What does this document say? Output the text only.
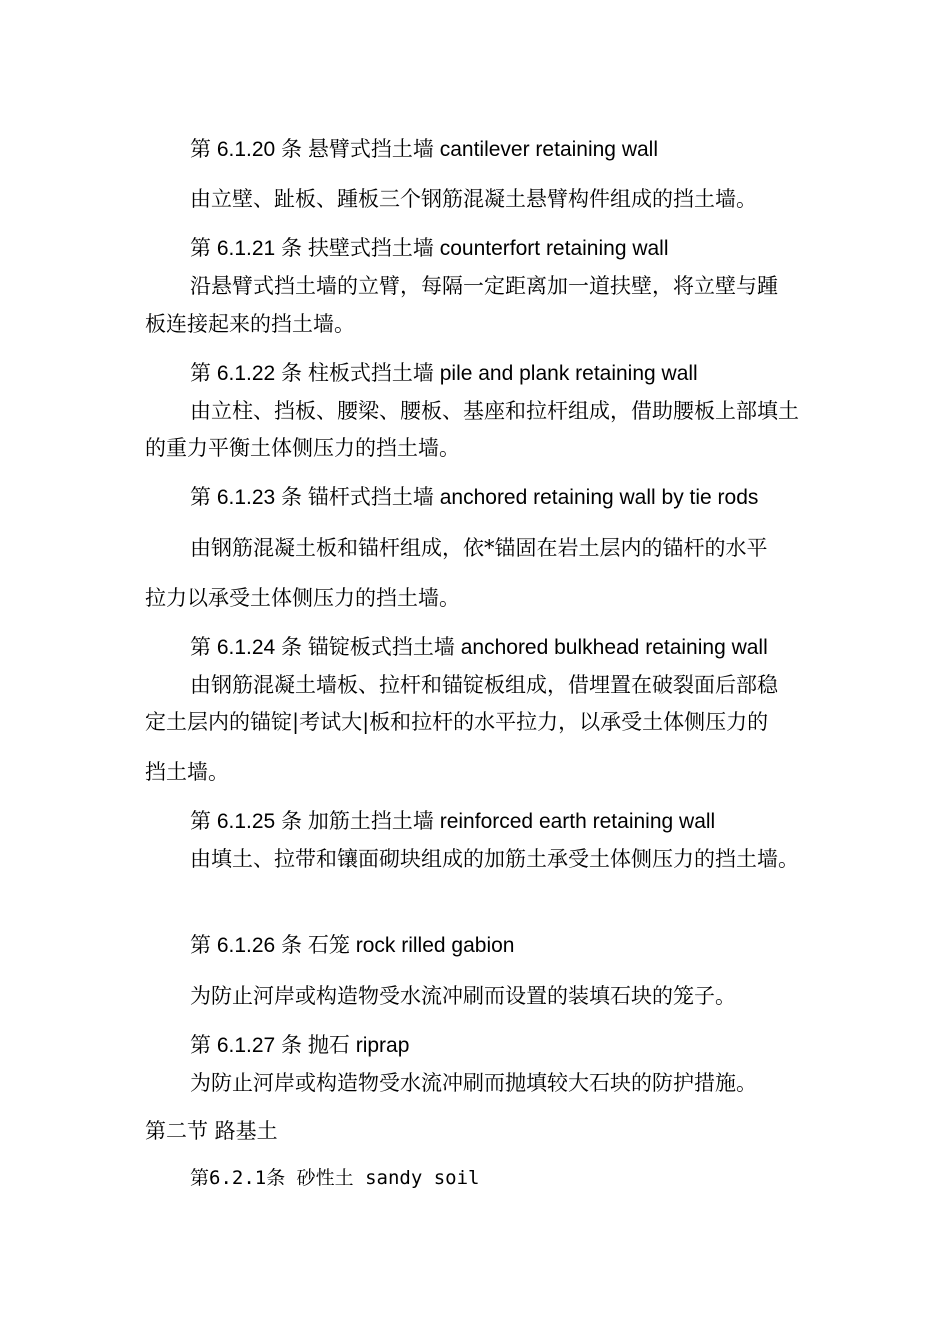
第 6.1.20 条 悬臂式挡土墙 cantilever retaining wall
由立壁、趾板、踵板三个钢筋混凝土悬臂构件组成的挡土墙。
第 6.1.21 条 扶壁式挡土墙 counterfort retaining wall
沿悬臂式挡土墙的立臂，每隔一定距离加一道扶壁，将立壁与踵
板连接起来的挡土墙。
第 6.1.22 条 柱板式挡土墙 pile and plank retaining wall
由立柱、挡板、腰梁、腰板、基座和拉杆组成，借助腰板上部填土
的重力平衡土体侧压力的挡土墙。
第 6.1.23 条 锚杆式挡土墙 anchored retaining wall by tie rods
由钢筋混凝土板和锚杆组成，依*锚固在岩土层内的锚杆的水平
拉力以承受土体侧压力的挡土墙。
第 6.1.24 条 锚锭板式挡土墙 anchored bulkhead retaining wall
由钢筋混凝土墙板、拉杆和锚锭板组成，借埋置在破裂面后部稳
定土层内的锚锭|考试大|板和拉杆的水平拉力，以承受土体侧压力的
挡土墙。
第 6.1.25 条 加筋土挡土墙 reinforced earth retaining wall
由填土、拉带和镶面砌块组成的加筋土承受土体侧压力的挡土墙。
第 6.1.26 条 石笼 rock rilled gabion
为防止河岸或构造物受水流冲刷而设置的装填石块的笼子。
第 6.1.27 条 抛石 riprap
为防止河岸或构造物受水流冲刷而抛填较大石块的防护措施。
第二节 路基土
第6.2.1条 砂性土 sandy soil
